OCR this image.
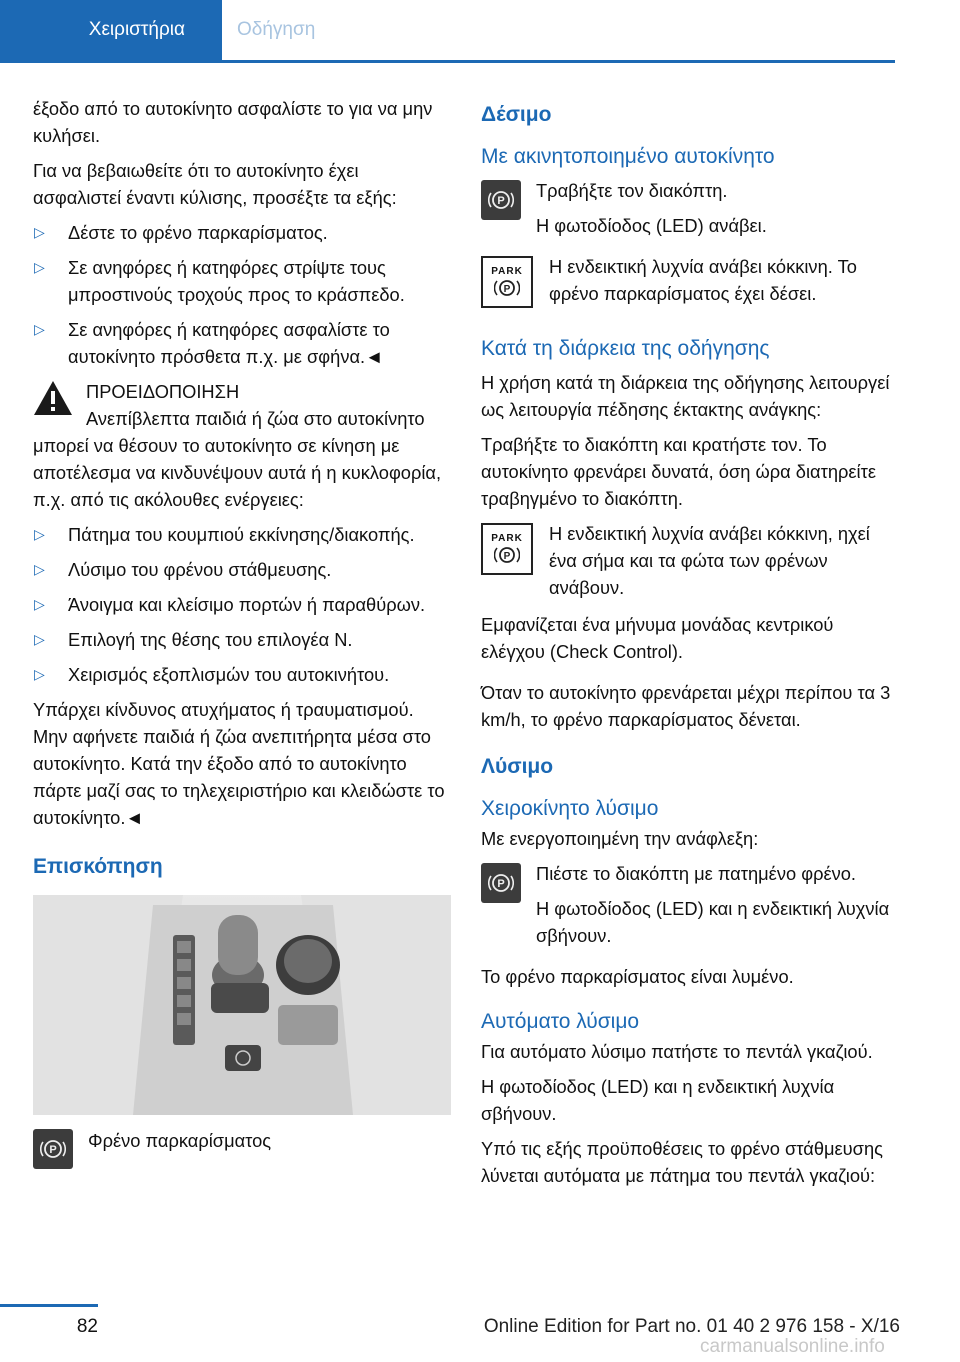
Χειριστήρια	Οδήγηση

έξοδο από το αυτοκίνητο ασφαλίστε το για να μην κυλήσει.

Για να βεβαιωθείτε ότι το αυτοκίνητο έχει ασφαλιστεί έναντι κύλισης, προσέξτε τα εξής:

▷	Δέστε το φρένο παρκαρίσματος.
▷	Σε ανηφόρες ή κατηφόρες στρίψτε τους μπροστινούς τροχούς προς το κράσπεδο.
▷	Σε ανηφόρες ή κατηφόρες ασφαλίστε το αυτοκίνητο πρόσθετα π.χ. με σφήνα.◄
ΠΡΟΕΙΔΟΠΟΙΗΣΗ

Ανεπίβλεπτα παιδιά ή ζώα στο αυτοκίνητο μπορεί να θέσουν το αυτοκίνητο σε κίνηση με αποτέλεσμα να κινδυνέψουν αυτά ή η κυκλοφορία, π.χ. από τις ακόλουθες ενέργειες:

▷	Πάτημα του κουμπιού εκκίνησης/διακοπής.
▷	Λύσιμο του φρένου στάθμευσης.
▷	Άνοιγμα και κλείσιμο πορτών ή παραθύρων.
▷	Επιλογή της θέσης του επιλογέα N.
▷	Χειρισμός εξοπλισμών του αυτοκινήτου.

Υπάρχει κίνδυνος ατυχήματος ή τραυματισμού. Μην αφήνετε παιδιά ή ζώα ανεπιτήρητα μέσα στο αυτοκίνητο. Κατά την έξοδο από το αυτοκίνητο πάρτε μαζί σας το τηλεχειριστήριο και κλειδώστε το αυτοκίνητο.◄

Επισκόπηση
P	Φρένο παρκαρίσματος
Δέσιμο
Με ακινητοποιημένο αυτοκίνητο
P	Τραβήξτε τον διακόπτη.

Η φωτοδίοδος (LED) ανάβει.

PARK
P

Η ενδεικτική λυχνία ανάβει κόκκινη. Το φρένο παρκαρίσματος έχει δέσει.

Κατά τη διάρκεια της οδήγησης

Η χρήση κατά τη διάρκεια της οδήγησης λειτουργεί ως λειτουργία πέδησης έκτακτης ανάγκης:

Τραβήξτε το διακόπτη και κρατήστε τον. Το αυτοκίνητο φρενάρει δυνατά, όση ώρα διατηρείτε τραβηγμένο το διακόπτη.

PARK
P

Η ενδεικτική λυχνία ανάβει κόκκινη, ηχεί ένα σήμα και τα φώτα των φρένων ανάβουν.

Εμφανίζεται ένα μήνυμα μονάδας κεντρικού ελέγχου (Check Control).

Όταν το αυτοκίνητο φρενάρεται μέχρι περίπου τα 3 km/h, το φρένο παρκαρίσματος δένεται.

Λύσιμο
Χειροκίνητο λύσιμο

Με ενεργοποιημένη την ανάφλεξη:

P	Πιέστε το διακόπτη με πατημένο φρένο.

Η φωτοδίοδος (LED) και η ενδεικτική λυχνία σβήνουν.

Το φρένο παρκαρίσματος είναι λυμένο.

Αυτόματο λύσιμο

Για αυτόματο λύσιμο πατήστε το πεντάλ γκαζιού.

Η φωτοδίοδος (LED) και η ενδεικτική λυχνία σβήνουν.

Υπό τις εξής προϋποθέσεις το φρένο στάθμευσης λύνεται αυτόματα με πάτημα του πεντάλ γκαζιού:

82	Online Edition for Part no. 01 40 2 976 158 - X/16
carmanualsonline.info
